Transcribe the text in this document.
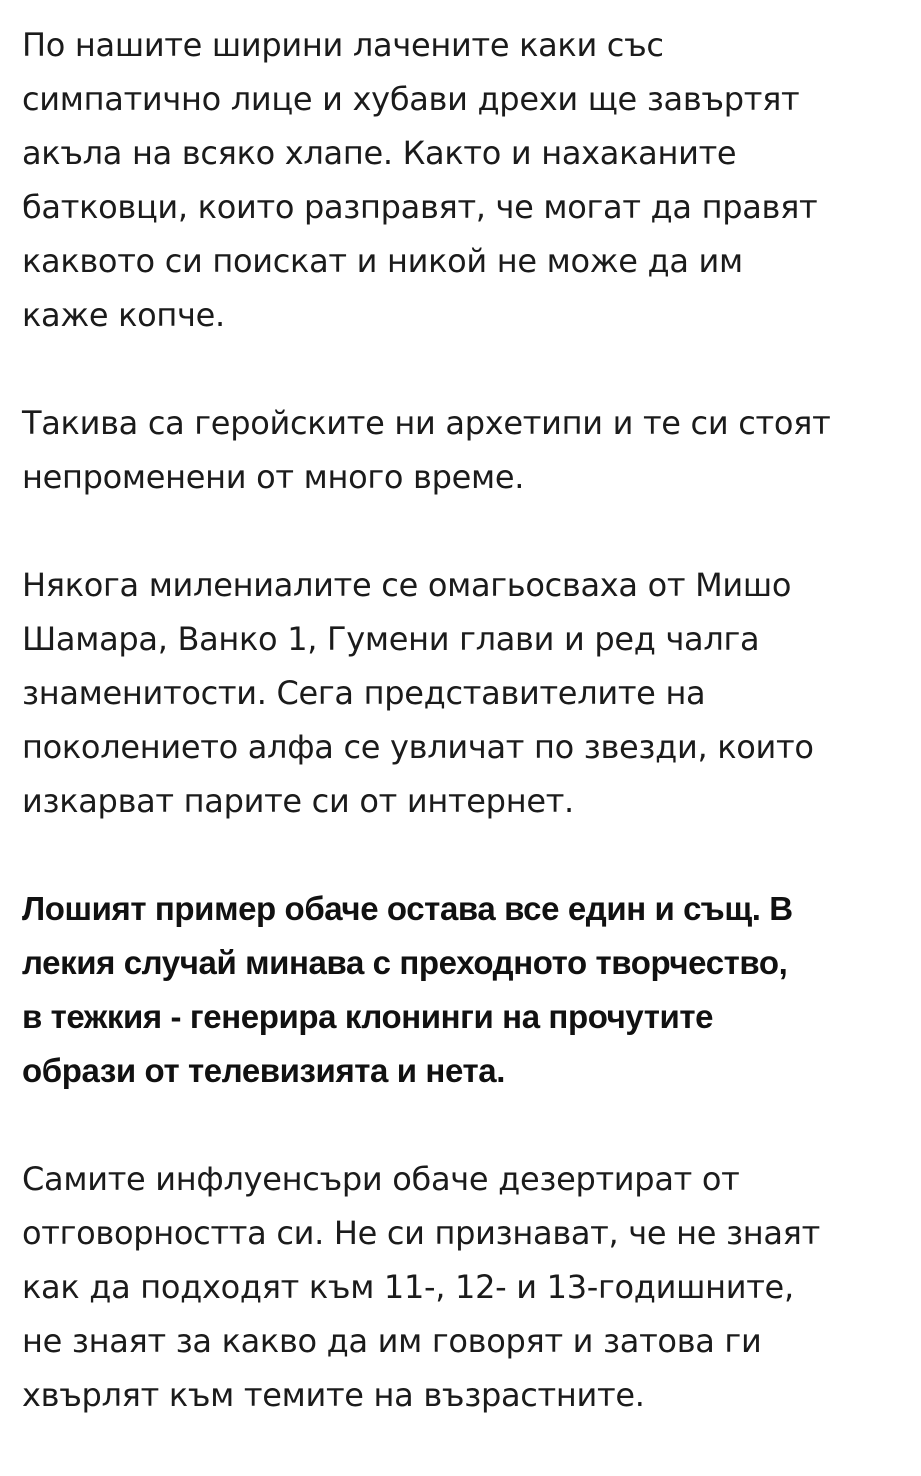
По нашите ширини лачените каки със
симпатично лице и хубави дрехи ще завъртят
акъла на всяко хлапе. Както и нахаканите
батковци, които разправят, че могат да правят
каквото си поискат и никой не може да им
каже копче.

Такива са геройските ни архетипи и те си стоят
непроменени от много време.

Някога милениалите се омагьосваха от Мишо
Шамара, Ванко 1, Гумени глави и ред чалга
знаменитости. Сега представителите на
поколението алфа се увличат по звезди, които
изкарват парите си от интернет.

Лошият пример обаче остава все един и същ. В
лекия случай минава с преходното творчество,
в тежкия - генерира клонинги на прочутите
образи от телевизията и нета.

Самите инфлуенсъри обаче дезертират от
отговорността си. Не си признават, че не знаят
как да подходят към 11-, 12- и 13-годишните,
не знаят за какво да им говорят и затова ги
хвърлят към темите на възрастните.
